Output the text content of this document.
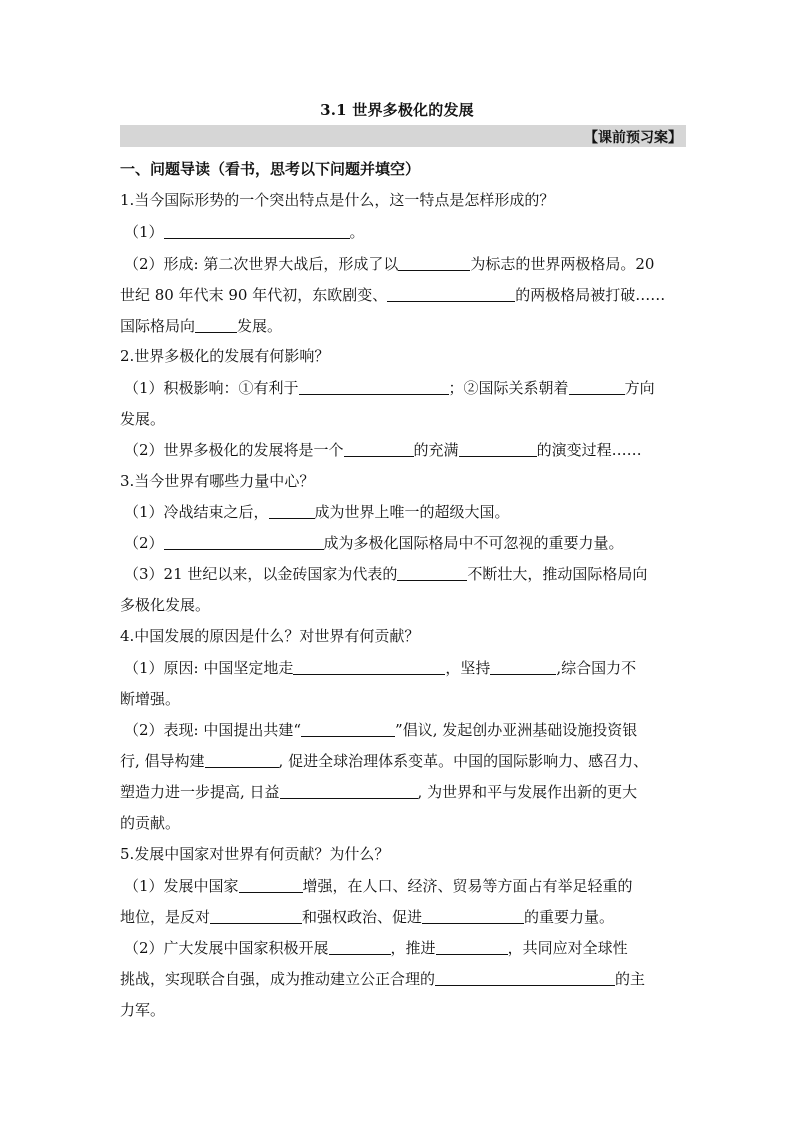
3.1 世界多极化的发展
【课前预习案】
一、问题导读（看书，思考以下问题并填空）
1.当今国际形势的一个突出特点是什么，这一特点是怎样形成的？
（1）	。
（2）形成: 第二次世界大战后，形成了以	为标志的世界两极格局。20
世纪 80 年代末 90 年代初，东欧剧变、	的两极格局被打破……
国际格局向	发展。
2.世界多极化的发展有何影响？
（1）积极影响：①有利于	；②国际关系朝着	方向
发展。
（2）世界多极化的发展将是一个	的充满	的演变过程……
3.当今世界有哪些力量中心？
（1）冷战结束之后，	成为世界上唯一的超级大国。
（2）	成为多极化国际格局中不可忽视的重要力量。
（3）21 世纪以来，以金砖国家为代表的	不断壮大，推动国际格局向
多极化发展。
4.中国发展的原因是什么？对世界有何贡献？
（1）原因: 中国坚定地走	，坚持	,综合国力不
断增强。
（2）表现: 中国提出共建“	”倡议, 发起创办亚洲基础设施投资银
行, 倡导构建	, 促进全球治理体系变革。中国的国际影响力、感召力、
塑造力进一步提高, 日益	, 为世界和平与发展作出新的更大
的贡献。
5.发展中国家对世界有何贡献？为什么？
（1）发展中国家	增强，在人口、经济、贸易等方面占有举足轻重的
地位，是反对	和强权政治、促进	的重要力量。
（2）广大发展中国家积极开展	，推进	，共同应对全球性
挑战，实现联合自强，成为推动建立公正合理的	的主
力军。
